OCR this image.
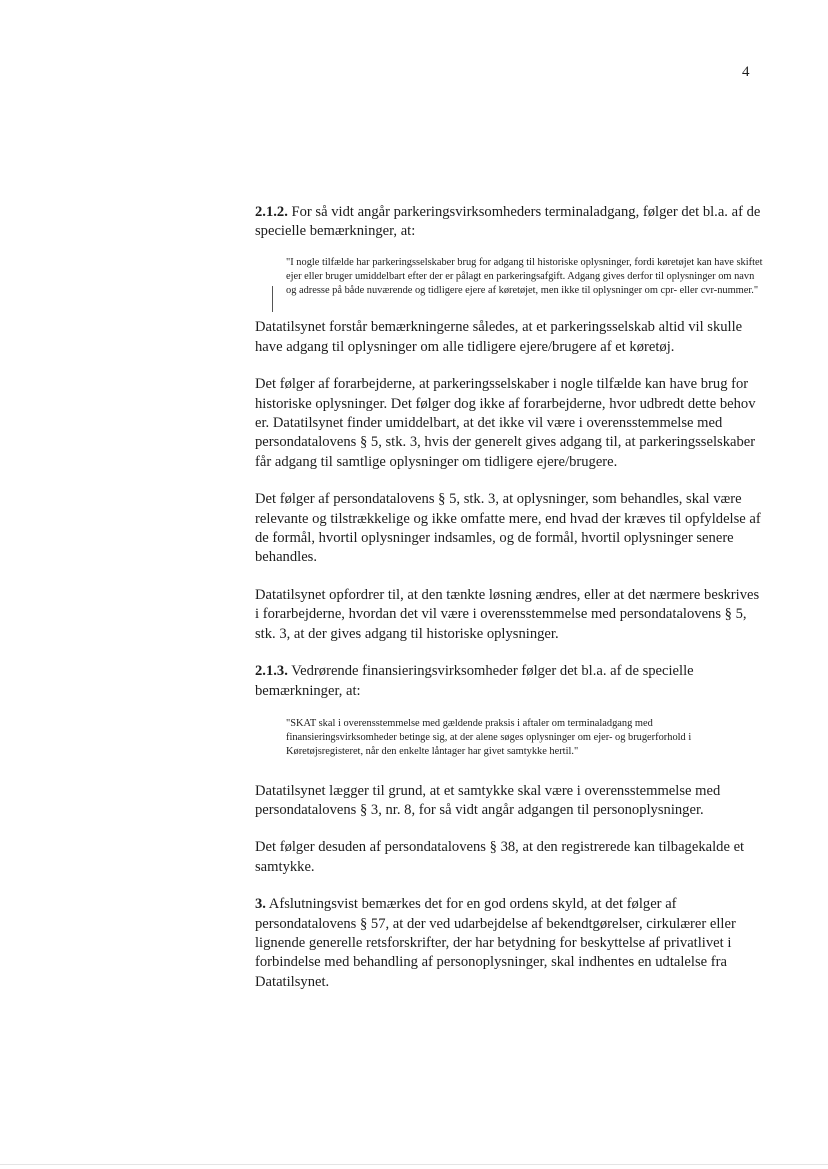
4

2.1.2. For så vidt angår parkeringsvirksomheders terminaladgang, følger det bl.a. af de specielle bemærkninger, at:

"I nogle tilfælde har parkeringsselskaber brug for adgang til historiske oplysninger, fordi køretøjet kan have skiftet ejer eller bruger umiddelbart efter der er pålagt en parkeringsafgift. Adgang gives derfor til oplysninger om navn og adresse på både nuværende og tidligere ejere af køretøjet, men ikke til oplysninger om cpr- eller cvr-nummer."

Datatilsynet forstår bemærkningerne således, at et parkeringsselskab altid vil skulle have adgang til oplysninger om alle tidligere ejere/brugere af et køretøj.

Det følger af forarbejderne, at parkeringsselskaber i nogle tilfælde kan have brug for historiske oplysninger. Det følger dog ikke af forarbejderne, hvor udbredt dette behov er. Datatilsynet finder umiddelbart, at det ikke vil være i overensstemmelse med persondatalovens § 5, stk. 3, hvis der generelt gives adgang til, at parkeringsselskaber får adgang til samtlige oplysninger om tidligere ejere/brugere.

Det følger af persondatalovens § 5, stk. 3, at oplysninger, som behandles, skal være relevante og tilstrækkelige og ikke omfatte mere, end hvad der kræves til opfyldelse af de formål, hvortil oplysninger indsamles, og de formål, hvortil oplysninger senere behandles.

Datatilsynet opfordrer til, at den tænkte løsning ændres, eller at det nærmere beskrives i forarbejderne, hvordan det vil være i overensstemmelse med persondatalovens § 5, stk. 3, at der gives adgang til historiske oplysninger.

2.1.3. Vedrørende finansieringsvirksomheder følger det bl.a. af de specielle bemærkninger, at:

"SKAT skal i overensstemmelse med gældende praksis i aftaler om terminaladgang med finansieringsvirksomheder betinge sig, at der alene søges oplysninger om ejer- og brugerforhold i Køretøjsregisteret, når den enkelte låntager har givet samtykke hertil."

Datatilsynet lægger til grund, at et samtykke skal være i overensstemmelse med persondatalovens § 3, nr. 8, for så vidt angår adgangen til personoplysninger.

Det følger desuden af persondatalovens § 38, at den registrerede kan tilbagekalde et samtykke.

3. Afslutningsvist bemærkes det for en god ordens skyld, at det følger af persondatalovens § 57, at der ved udarbejdelse af bekendtgørelser, cirkulærer eller lignende generelle retsforskrifter, der har betydning for beskyttelse af privatlivet i forbindelse med behandling af personoplysninger, skal indhentes en udtalelse fra Datatilsynet.
